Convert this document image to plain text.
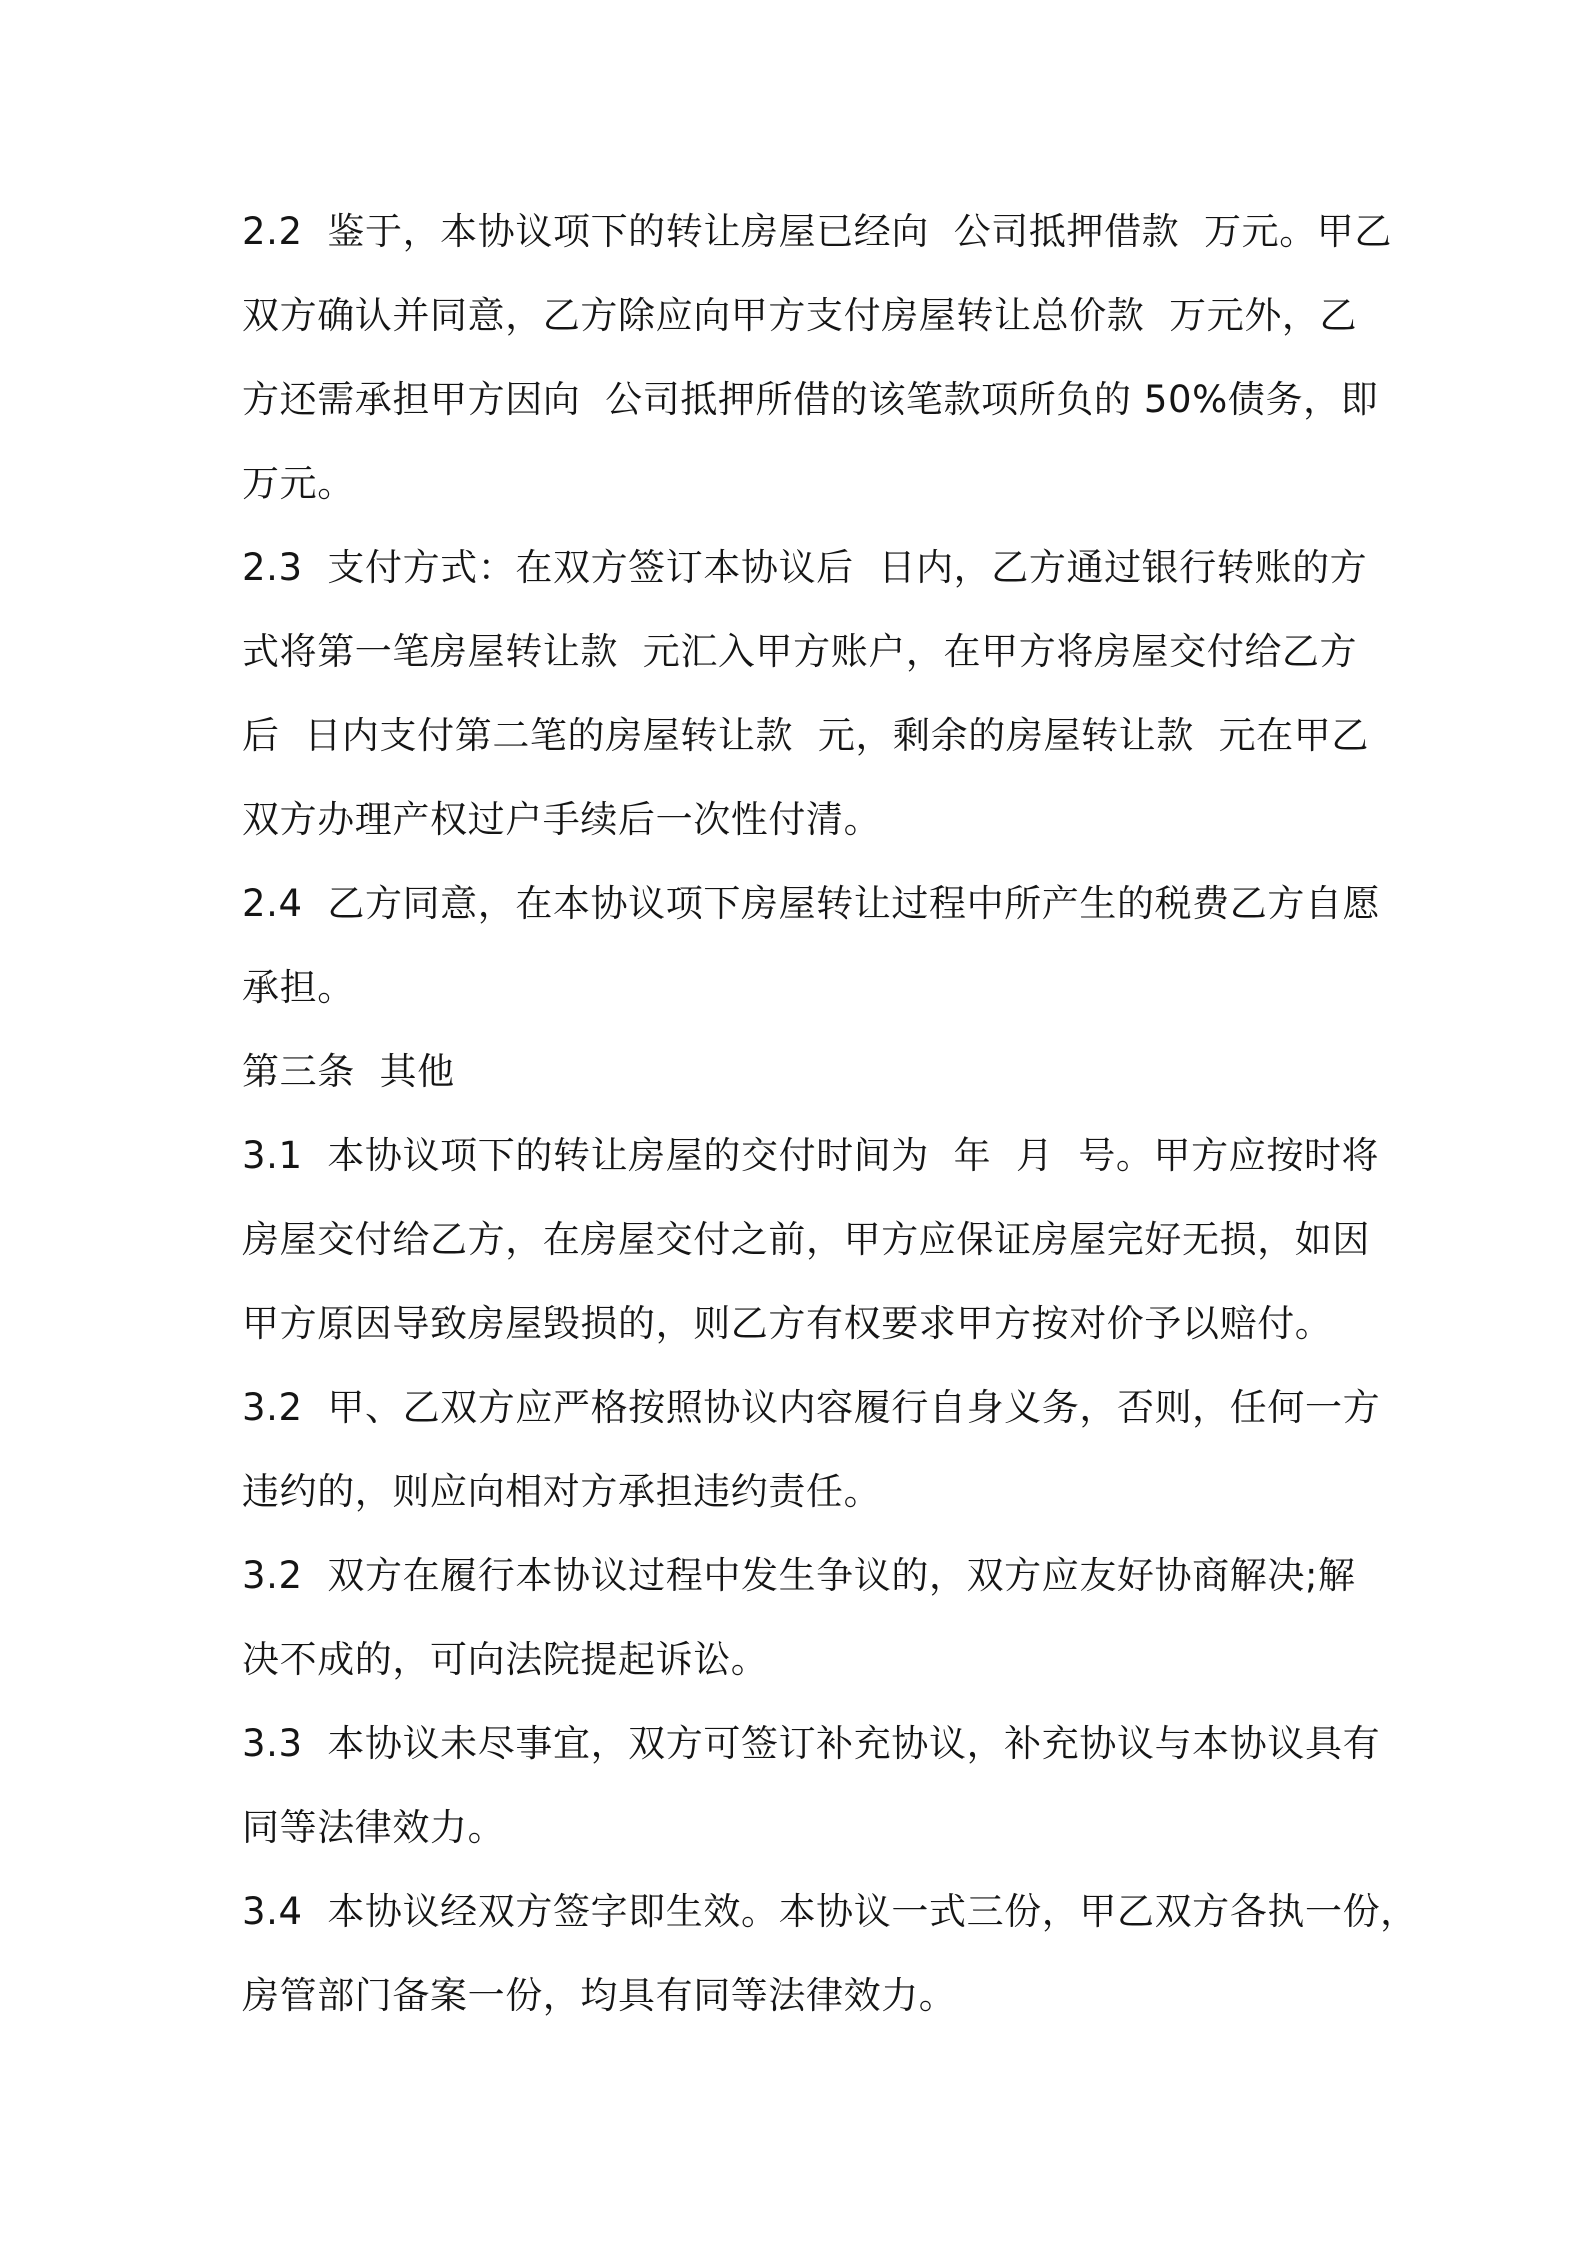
2.2  鉴于，本协议项下的转让房屋已经向  公司抵押借款  万元。甲乙
双方确认并同意，乙方除应向甲方支付房屋转让总价款  万元外，乙
方还需承担甲方因向  公司抵押所借的该笔款项所负的 50%债务，即
万元。
2.3  支付方式：在双方签订本协议后  日内，乙方通过银行转账的方
式将第一笔房屋转让款  元汇入甲方账户，在甲方将房屋交付给乙方
后  日内支付第二笔的房屋转让款  元，剩余的房屋转让款  元在甲乙
双方办理产权过户手续后一次性付清。
2.4  乙方同意，在本协议项下房屋转让过程中所产生的税费乙方自愿
承担。
第三条  其他
3.1  本协议项下的转让房屋的交付时间为  年  月  号。甲方应按时将
房屋交付给乙方，在房屋交付之前，甲方应保证房屋完好无损，如因
甲方原因导致房屋毁损的，则乙方有权要求甲方按对价予以赔付。
3.2  甲、乙双方应严格按照协议内容履行自身义务，否则，任何一方
违约的，则应向相对方承担违约责任。
3.2  双方在履行本协议过程中发生争议的，双方应友好协商解决;解
决不成的，可向法院提起诉讼。
3.3  本协议未尽事宜，双方可签订补充协议，补充协议与本协议具有
同等法律效力。
3.4  本协议经双方签字即生效。本协议一式三份，甲乙双方各执一份，
房管部门备案一份，均具有同等法律效力。
